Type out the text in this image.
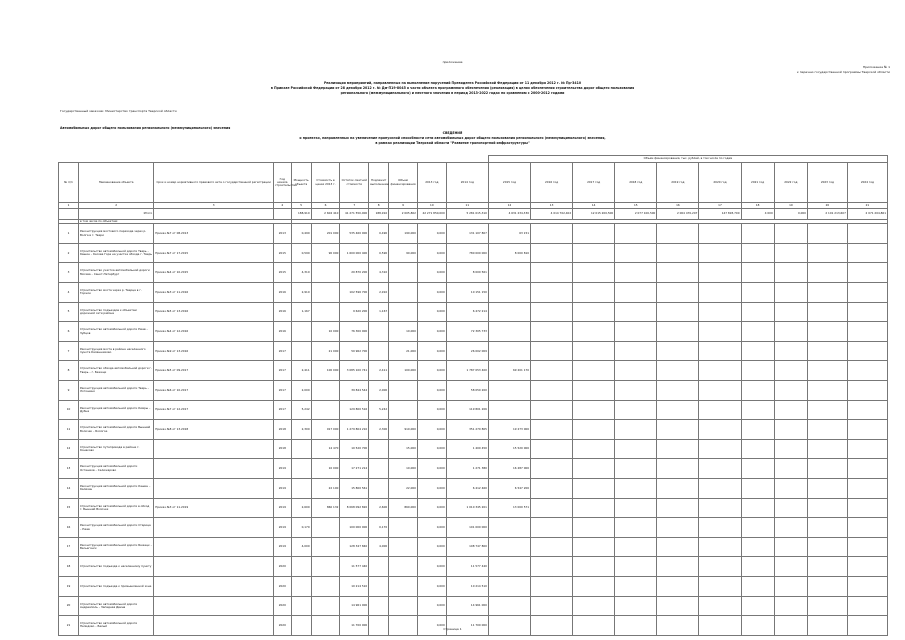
приложение
Приложение № 1
к перечню государственной программы Тверской области
Реализация мероприятий, направленных на выполнение поручений Президента Российской Федерации от 11 декабря 2012 г. № Пр-3410
в Приказе Российской Федерации от 28 декабря 2012 г. № Дм-П19-8045 о части объекта программного обеспечения (реализация) в целях обеспечения строительства дорог общего пользования
регионального (межмуниципального) и местного значения в период 2013-2022 годах по сравнению с 2000-2012 годами
Государственный заказчик: Министерство транспорта Тверской области
Автомобильных дорог общего пользования регионального (межмуниципального) значения
СВЕДЕНИЯ
о проектах, направленных на увеличение пропускной способности сети автомобильных дорог общего пользования регионального (межмуниципального) значения,
в рамках реализации Тверской области "Развитие транспортной инфраструктуры"
											Объем финансирования, тыс. рублей, в том числе по годам									
№ п/п	Наименование объекта	Срок и номер нормативного правового акта о государственной регистрации	Год начала строительства	Мощность объекта	Стоимость в ценах 2013 г.	Остаток сметной стоимости	Подлежит выполнению	Объем финансирования	2013 год	2014 год	2015 год	2016 год	2017 год	2018 год	2019 год	2020 год	2021 год	2022 год	2023 год	2024 год
1	2	3	4	5	6	7	8	9	10	11	12	13	14	15	16	17	18	19	20	21
	Итого			188,910	2 604 410	41 271 550,000	188,910	2 005,802	42 271 850,000	5 281 015,310	4 631 234,330	4 014 702,402	12 015 200,500	2 077 100,500	2 004 470,207	147 893,700	4 000	0,000	2 101 213,607	2 071 204,861
	в том числе по объектам:																			
1	Реконструкция мостового перехода через р. Волга в г. Твери	Приказ №7 от 08.2013	2013	0,490	201 000	535 460 000	0,490	190,000	0,000	131 107 807	63 151									
2	Строительство автомобильной дороги Тверь – Кашин – Кесова Гора на участке обхода г. Тверь	Приказ №7 от 17.2015	2015	0,590	90 000	1 600 000 400	0,590	90,000	0,000	780 000 000	8 000 810									
3	Строительство участка автомобильной дороги Москва – Санкт-Петербург	Приказ №4 от 10.2015	2015	4,310		20 870 200	4,310		0,000	8 000 561										
4	Строительство моста через р. Тверца в г. Торжок	Приказ №3 от 11.2016	2016	2,910		102 596 700	2,910		0,000	10 151 150										
5	Строительство подъездов к объектам дорожной сети района	Приказ №5 от 13.2016	2016	1,167		9 620 200	1,167		0,000	6 472 214										
6	Строительство автомобильной дороги Ржев – Зубцов	Приказ №4 от 12.2016	2016		10 000	76 300 000		10,000	0,000	72 305 733										
7	Реконструкция моста в районе населенного пункта Калашниково	Приказ №9 от 13.2016	2017		21 000	50 962 700		21,000	0,000	26 002 009										
8	Строительство обхода автомобильной дороги г. Тверь – г. Бежецк	Приказ №5 от 09.2017	2017	2,411	100 000	3 085 100 741	2,411	100,000	0,000	1 787 053 400	69 201 170									
9	Реконструкция автомобильной дороги Тверь – Лотошино	Приказ №6 от 10.2017	2017	2,000		39 844 544	2,000		0,000	58 050 200										
10	Реконструкция автомобильной дороги Кимры – Дубна	Приказ №7 от 12.2017	2017	5,242		129 800 516	5,242		0,000	119 801 206										
11	Строительство автомобильной дороги Вышний Волочек – Бологое	Приказ №8 от 13.2018	2018	2,300	917 000	1 279 804 210	2,300	910,000	0,000	351 270 805	19 273 000									
12	Строительство путепровода в районе г. Конаково		2018		14 470	10 520 700		15,000	0,000	1 400 450	15 520 000									
13	Реконструкция автомобильной дороги Осташков – Селижарово		2019		10 000	17 271 214		10,000	0,000	1 271 380	16 287 000									
14	Реконструкция автомобильной дороги Кашин – Калязин		2019		22 100	15 800 561		22,000	0,000	6 412 460	6 547 200									
15	Строительство автомобильной дороги в обход г. Вышний Волочек	Приказ №3 от 11.2019	2019	2,600	860 132	8 068 092 820	2,600	860,000	0,000	1 010 345 201	13 000 571									
16	Реконструкция автомобильной дороги Старица – Ржев		2019	0,170		100 000 000	0,170		0,000	101 000 000										
17	Реконструкция автомобильной дороги Бежецк – Весьегонск		2019	4,000		128 347 840	4,000		0,000	108 747 800										
18	Строительство подъезда к населенному пункту		2020			11 577 440			0,000	11 577 440										
19	Строительство подъезда к промышленной зоне		2020			10 214 510			0,000	10 214 510										
20	Строительство автомобильной дороги Андреаполь – Западная Двина		2020			14 961 000			0,000	14 961 000										
21	Строительство автомобильной дороги Нелидово – Белый		2020			11 700 000			0,000	11 700 000										
Страница 1
